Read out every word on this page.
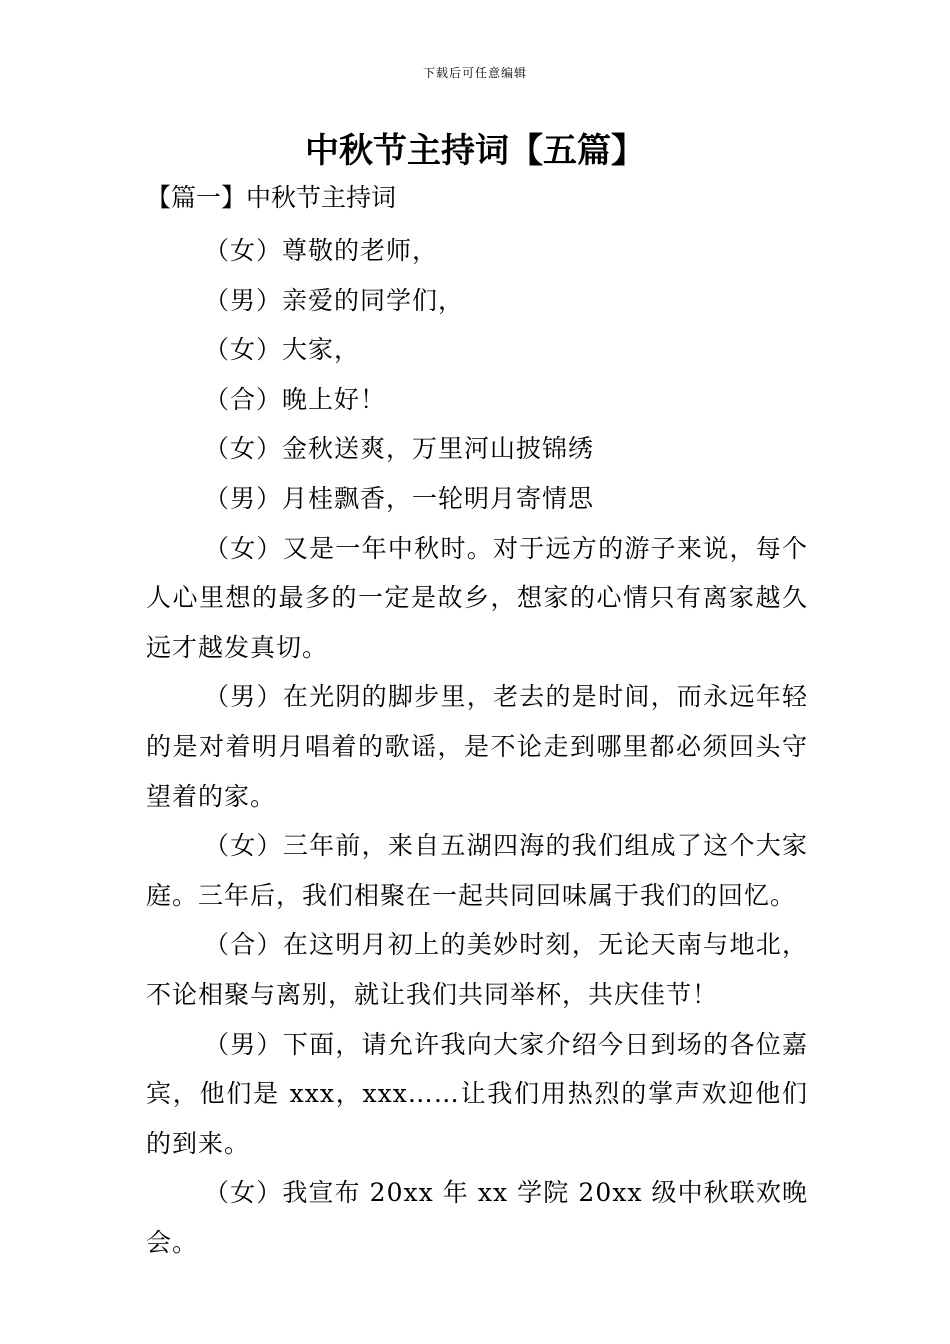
下载后可任意编辑
中秋节主持词【五篇】
【篇一】中秋节主持词

（女）尊敬的老师，

（男）亲爱的同学们，

（女）大家，

（合）晚上好！

（女）金秋送爽，万里河山披锦绣

（男）月桂飘香，一轮明月寄情思

（女）又是一年中秋时。对于远方的游子来说，每个人心里想的最多的一定是故乡，想家的心情只有离家越久远才越发真切。

（男）在光阴的脚步里，老去的是时间，而永远年轻的是对着明月唱着的歌谣，是不论走到哪里都必须回头守望着的家。

（女）三年前，来自五湖四海的我们组成了这个大家庭。三年后，我们相聚在一起共同回味属于我们的回忆。

（合）在这明月初上的美妙时刻，无论天南与地北，不论相聚与离别，就让我们共同举杯，共庆佳节！

（男）下面，请允许我向大家介绍今日到场的各位嘉宾，他们是 xxx，xxx……让我们用热烈的掌声欢迎他们的到来。

（女）我宣布 20xx 年 xx 学院 20xx 级中秋联欢晚会。
